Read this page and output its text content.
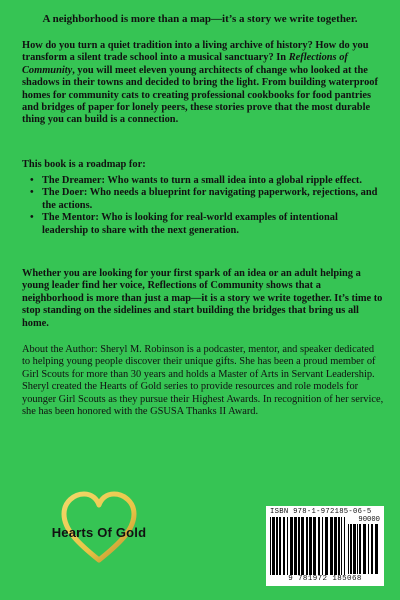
A neighborhood is more than a map—it’s a story we write together.

How do you turn a quiet tradition into a living archive of history? How do you transform a silent trade school into a musical sanctuary? In Reflections of Community, you will meet eleven young architects of change who looked at the shadows in their towns and decided to bring the light. From building waterproof homes for community cats to creating professional cookbooks for food pantries and bridges of paper for lonely peers, these stories prove that the most durable thing you can build is a connection.

This book is a roadmap for:

• The Dreamer: Who wants to turn a small idea into a global ripple effect.
• The Doer: Who needs a blueprint for navigating paperwork, rejections, and the actions.
• The Mentor: Who is looking for real-world examples of intentional leadership to share with the next generation.

Whether you are looking for your first spark of an idea or an adult helping a young leader find her voice, Reflections of Community shows that a neighborhood is more than just a map—it is a story we write together. It’s time to stop standing on the sidelines and start building the bridges that bring us all home.

About the Author: Sheryl M. Robinson is a podcaster, mentor, and speaker dedicated to helping young people discover their unique gifts. She has been a proud member of Girl Scouts for more than 30 years and holds a Master of Arts in Servant Leadership. Sheryl created the Hearts of Gold series to provide resources and role models for younger Girl Scouts as they pursue their Highest Awards. In recognition of her service, she has been honored with the GSUSA Thanks II Award.

Hearts Of Gold
ISBN 978-1-972185-06-5
90000
9 781972 185068
